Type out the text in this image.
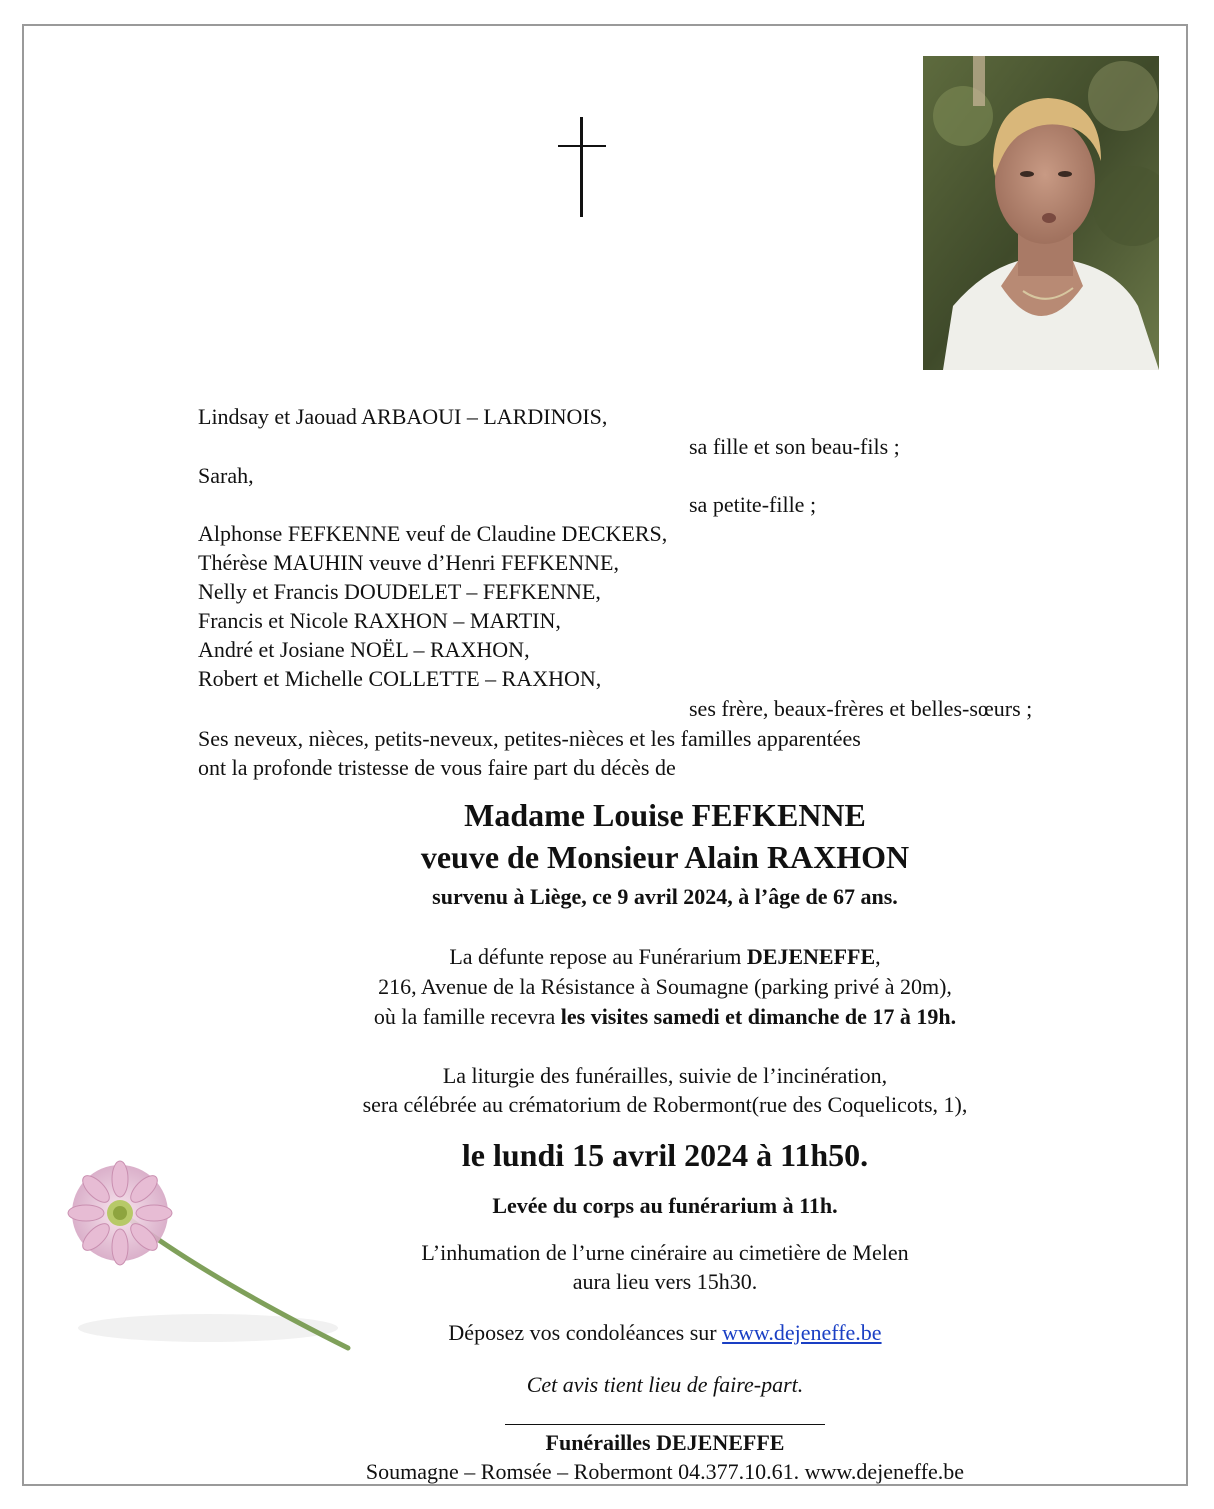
Lindsay et Jaouad ARBAOUI – LARDINOIS,
sa fille et son beau-fils ;
Sarah,
sa petite-fille ;
Alphonse FEFKENNE veuf de Claudine DECKERS,
Thérèse MAUHIN veuve d’Henri FEFKENNE,
Nelly et Francis DOUDELET – FEFKENNE,
Francis et Nicole RAXHON – MARTIN,
André et Josiane NOËL – RAXHON,
Robert et Michelle COLLETTE – RAXHON,
ses frère, beaux-frères et belles-sœurs ;
Ses neveux, nièces, petits-neveux, petites-nièces et les familles apparentées
ont la profonde tristesse de vous faire part du décès de
Madame Louise FEFKENNE
veuve de Monsieur Alain RAXHON
survenu à Liège, ce 9 avril 2024, à l’âge de 67 ans.
La défunte repose au Funérarium DEJENEFFE,
216, Avenue de la Résistance à Soumagne (parking privé à 20m),
où la famille recevra les visites samedi et dimanche de 17 à 19h.
La liturgie des funérailles, suivie de l’incinération,
sera célébrée au crématorium de Robermont(rue des Coquelicots, 1),
le lundi 15 avril 2024 à 11h50.
Levée du corps au funérarium à 11h.
L’inhumation de l’urne cinéraire au cimetière de Melen
aura lieu vers 15h30.
Déposez vos condoléances sur www.dejeneffe.be
Cet avis tient lieu de faire-part.
Funérailles DEJENEFFE
Soumagne – Romsée – Robermont 04.377.10.61. www.dejeneffe.be
